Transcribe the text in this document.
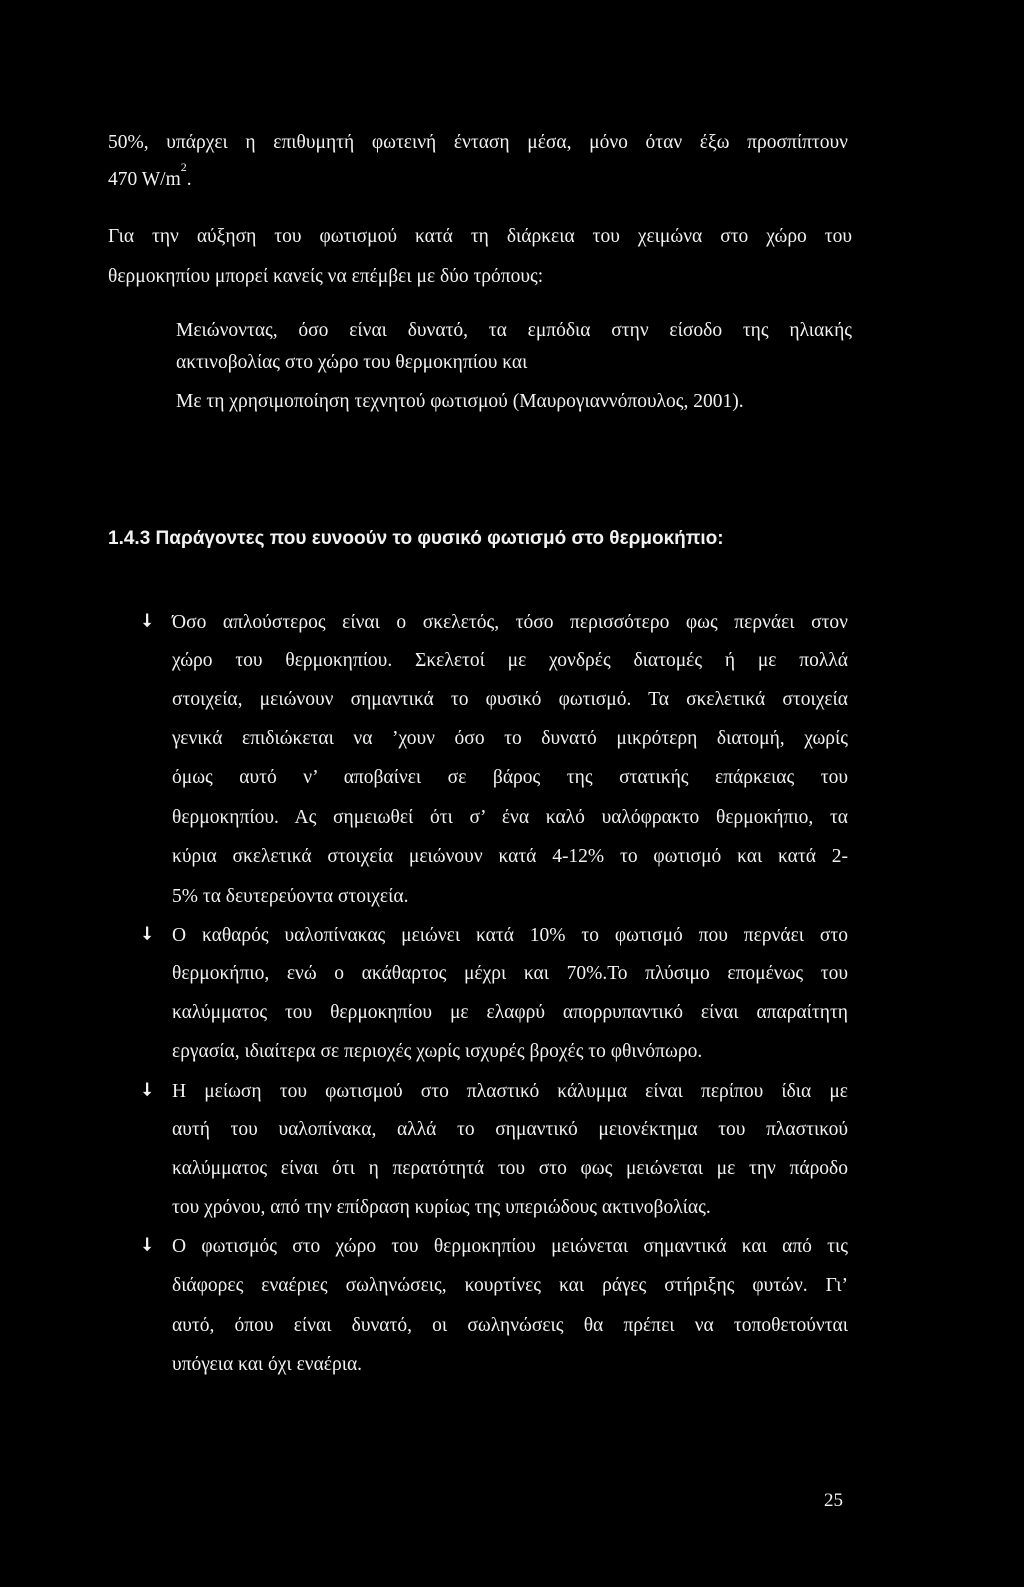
50%, υπάρχει η επιθυμητή φωτεινή ένταση μέσα, μόνο όταν έξω προσπίπτουν
470 $W/m^2$.
Για την αύξηση του φωτισμού κατά τη διάρκεια του χειμώνα στο χώρο του
θερμοκηπίου μπορεί κανείς να επέμβει με δύο τρόπους:
Μειώνοντας, όσο είναι δυνατό, τα εμπόδια στην είσοδο της ηλιακής
ακτινοβολίας στο χώρο του θερμοκηπίου και
Με τη χρησιμοποίηση τεχνητού φωτισμού (Μαυρογιαννόπουλος, 2001).
1.4.3 Παράγοντες που ευνοούν το φυσικό φωτισμό στο θερμοκήπιο:
⭣ Όσο απλούστερος είναι ο σκελετός, τόσο περισσότερο φως περνάει στον
χώρο του θερμοκηπίου. Σκελετοί με χονδρές διατομές ή με πολλά
στοιχεία, μειώνουν σημαντικά το φυσικό φωτισμό. Τα σκελετικά στοιχεία
γενικά επιδιώκεται να ’χουν όσο το δυνατό μικρότερη διατομή, χωρίς
όμως αυτό ν’ αποβαίνει σε βάρος της στατικής επάρκειας του
θερμοκηπίου. Ας σημειωθεί ότι σ’ ένα καλό υαλόφρακτο θερμοκήπιο, τα
κύρια σκελετικά στοιχεία μειώνουν κατά 4-12% το φωτισμό και κατά 2-
5% τα δευτερεύοντα στοιχεία.
⭣ Ο καθαρός υαλοπίνακας μειώνει κατά 10% το φωτισμό που περνάει στο
θερμοκήπιο, ενώ ο ακάθαρτος μέχρι και 70%.Το πλύσιμο επομένως του
καλύμματος του θερμοκηπίου με ελαφρύ απορρυπαντικό είναι απαραίτητη
εργασία, ιδιαίτερα σε περιοχές χωρίς ισχυρές βροχές το φθινόπωρο.
⭣ Η μείωση του φωτισμού στο πλαστικό κάλυμμα είναι περίπου ίδια με
αυτή του υαλοπίνακα, αλλά το σημαντικό μειονέκτημα του πλαστικού
καλύμματος είναι ότι η περατότητά του στο φως μειώνεται με την πάροδο
του χρόνου, από την επίδραση κυρίως της υπεριώδους ακτινοβολίας.
⭣ Ο φωτισμός στο χώρο του θερμοκηπίου μειώνεται σημαντικά και από τις
διάφορες εναέριες σωληνώσεις, κουρτίνες και ράγες στήριξης φυτών. Γι’
αυτό, όπου είναι δυνατό, οι σωληνώσεις θα πρέπει να τοποθετούνται
υπόγεια και όχι εναέρια.
25
